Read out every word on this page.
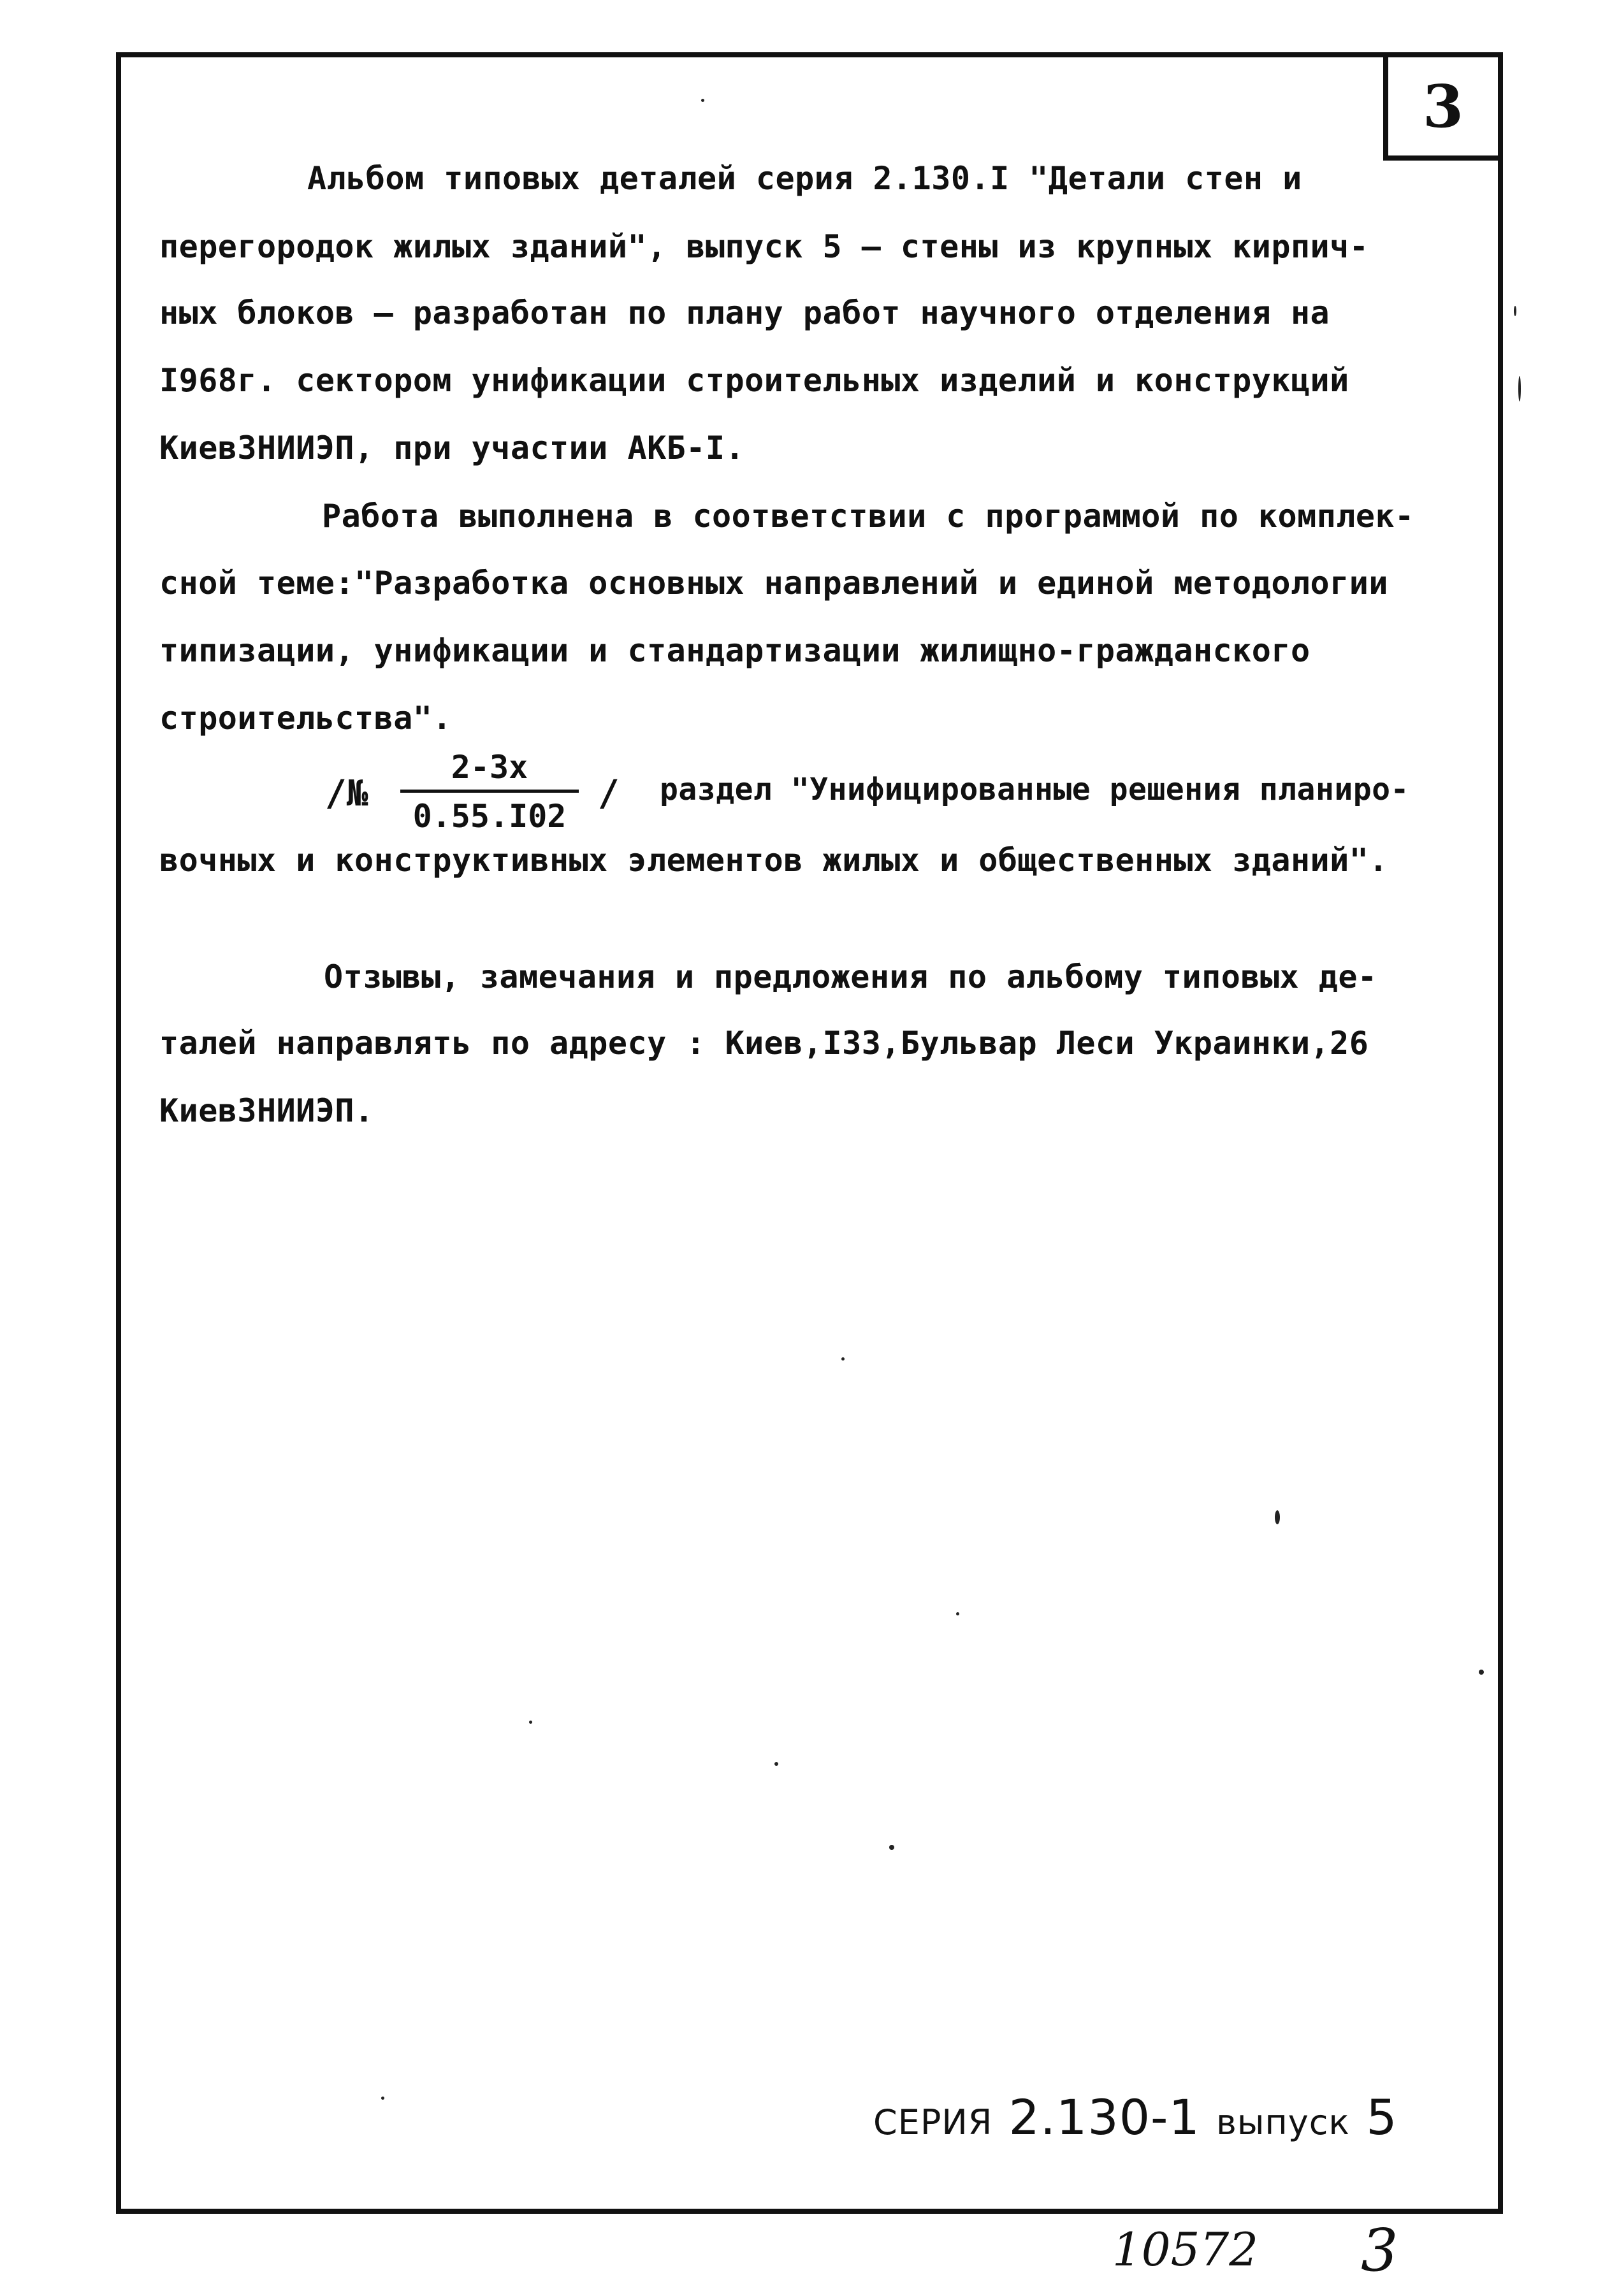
3
Альбом типовых деталей серия 2.130.I "Детали стен и
перегородок жилых зданий", выпуск 5 – стены из крупных кирпич-
ных блоков – разработан по плану работ научного отделения на
I968г. сектором унификации строительных изделий и конструкций
КиевЗНИИЭП, при участии АКБ-I.
Работа выполнена в соответствии с программой по комплек-
сной теме:"Разработка основных направлений и единой методологии
типизации, унификации и стандартизации жилищно-гражданского
строительства".
/№
2-3х
0.55.I02
/ раздел "Унифицированные решения планиро-
вочных и конструктивных элементов жилых и общественных зданий".
Отзывы, замечания и предложения по альбому типовых де-
талей направлять по адресу : Киев,I33,Бульвар Леси Украинки,26
КиевЗНИИЭП.
СЕРИЯ 2.130-1 выпуск 5
10572 3
